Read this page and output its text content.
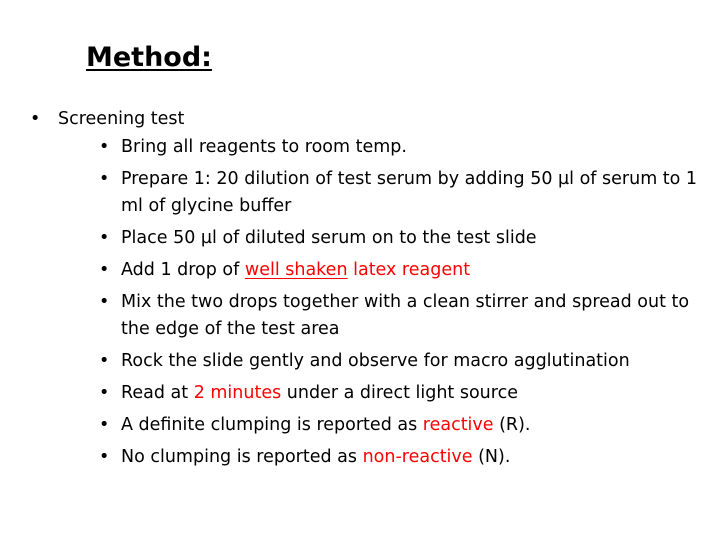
Method:
• Screening test
• Bring all reagents to room temp.
• Prepare 1: 20 dilution of test serum by adding 50 µl of serum to 1 ml of glycine buffer
• Place 50 µl of diluted serum on to the test slide
• Add 1 drop of well shaken latex reagent
• Mix the two drops together with a clean stirrer and spread out to the edge of the test area
• Rock the slide gently and observe for macro agglutination
• Read at 2 minutes under a direct light source
• A definite clumping is reported as reactive (R).
• No clumping is reported as non-reactive (N).
